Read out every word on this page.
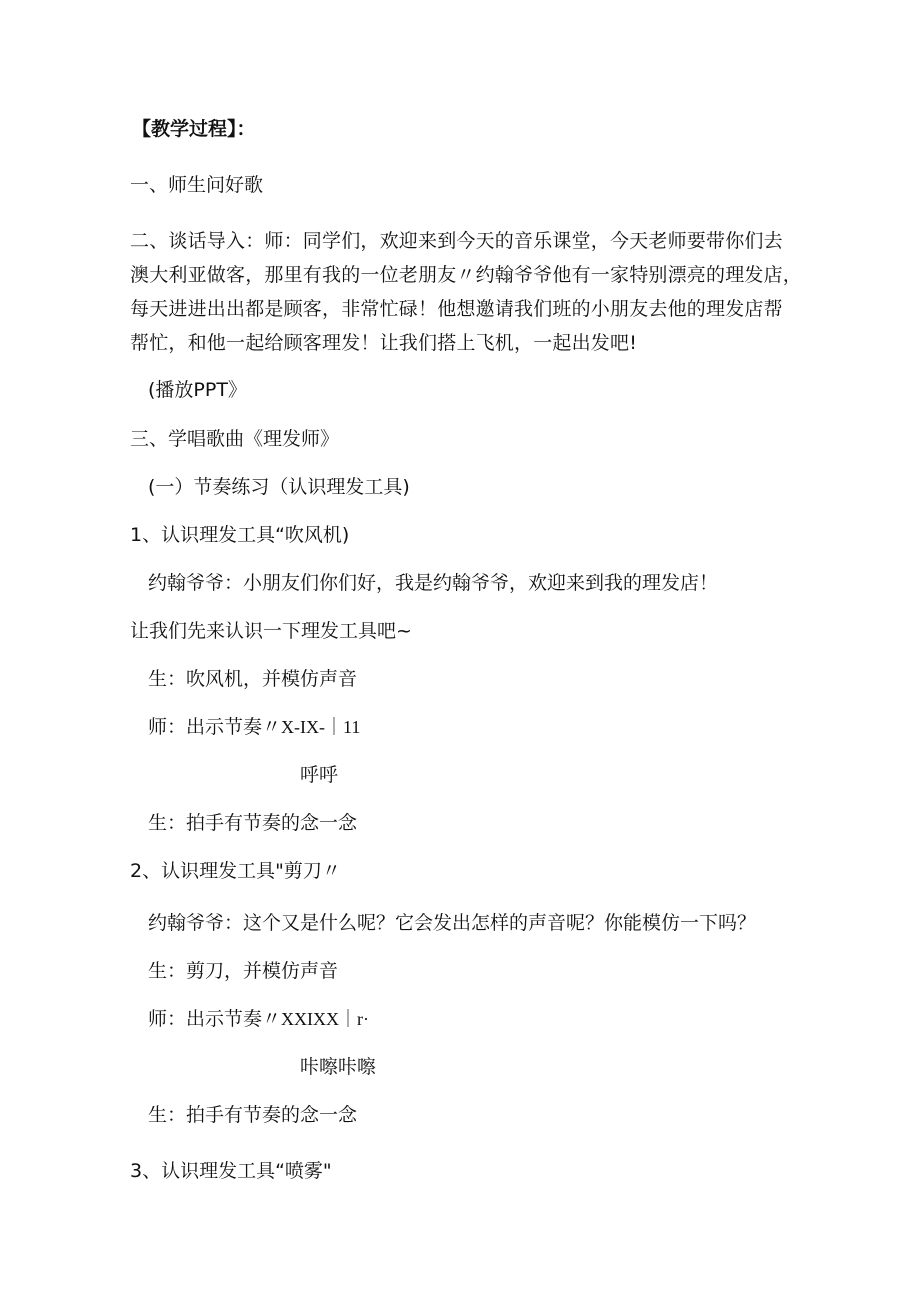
【教学过程】：
一、师生问好歌
二、谈话导入：师：同学们，欢迎来到今天的音乐课堂，今天老师要带你们去
澳大利亚做客，那里有我的一位老朋友〃约翰爷爷他有一家特别漂亮的理发店，
每天进进出出都是顾客，非常忙碌！他想邀请我们班的小朋友去他的理发店帮
帮忙，和他一起给顾客理发！让我们搭上飞机，一起出发吧!
(播放PPT》
三、学唱歌曲《理发师》
(一）节奏练习（认识理发工具)
1、认识理发工具“吹风机)
约翰爷爷：小朋友们你们好，我是约翰爷爷，欢迎来到我的理发店！
让我们先来认识一下理发工具吧~
生：吹风机，并模仿声音
师：出示节奏〃X-IX-｜11
呼呼
生：拍手有节奏的念一念
2、认识理发工具"剪刀〃
约翰爷爷：这个又是什么呢？它会发出怎样的声音呢？你能模仿一下吗？
生：剪刀，并模仿声音
师：出示节奏〃XXIXX｜r·
咔嚓咔嚓
生：拍手有节奏的念一念
3、认识理发工具“喷雾"
